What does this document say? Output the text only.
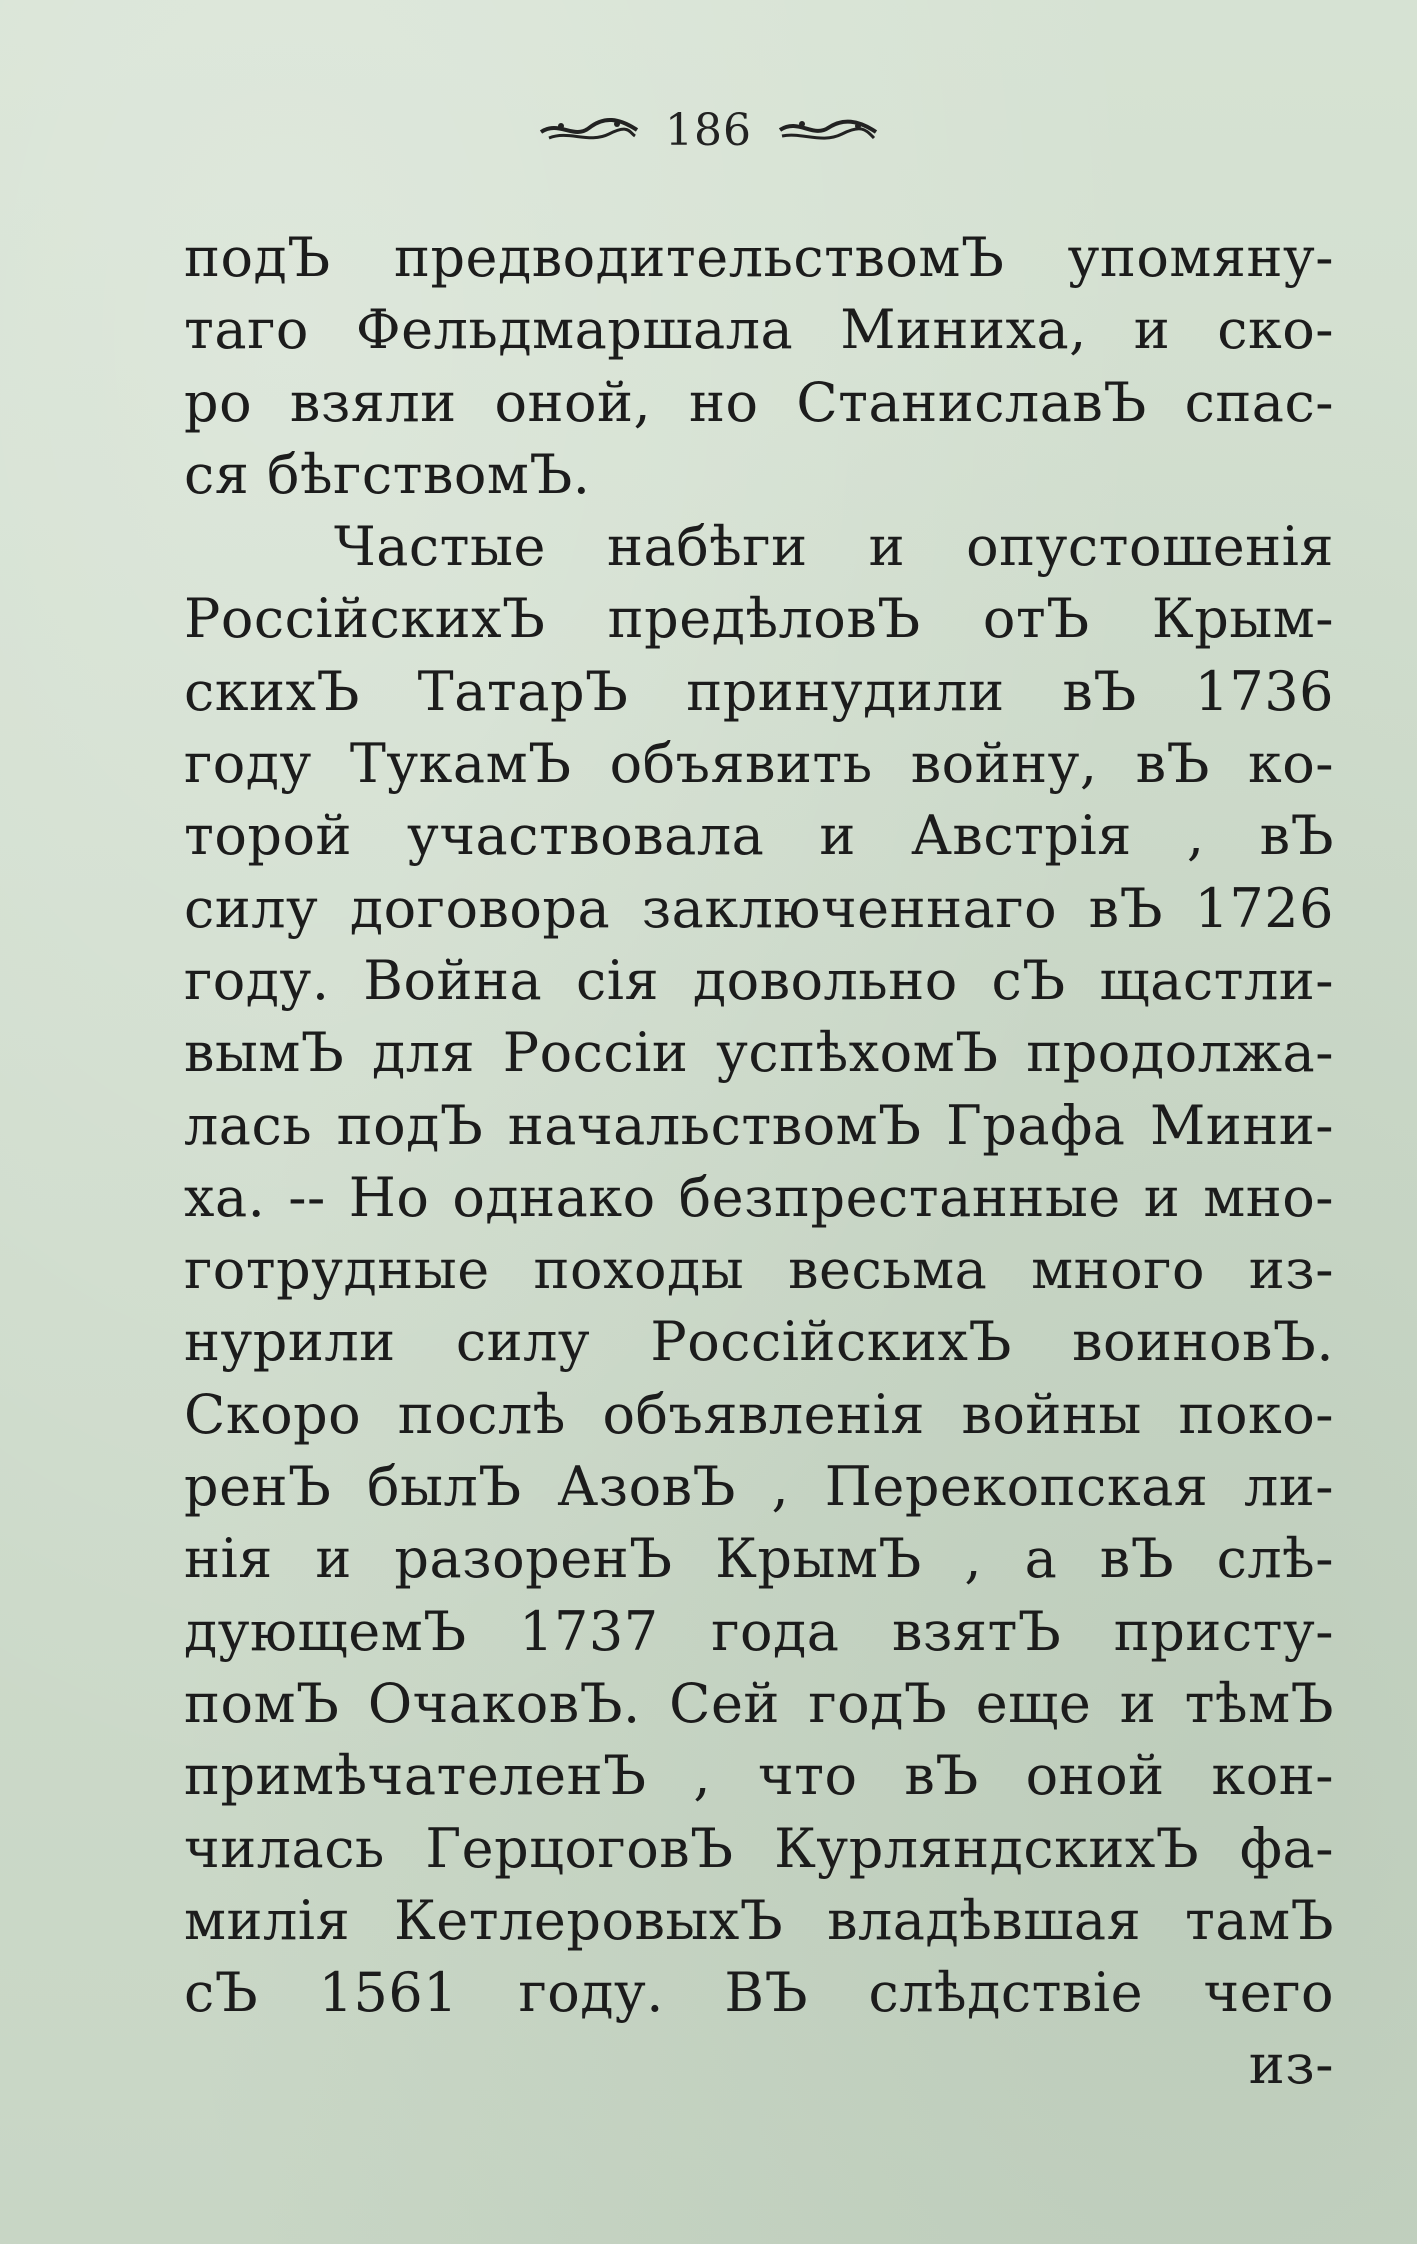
186
подЪ предводительствомЪ упомяну-
таго Фельдмаршала Миниха, и ско-
ро взяли оной, но СтаниславЪ спас-
ся бѣгствомЪ.
Частые набѣги и опустошенія
РоссійскихЪ предѣловЪ отЪ Крым-
скихЪ ТатарЪ принудили вЪ 1736
году ТукамЪ объявить войну, вЪ ко-
торой участвовала и Австрія , вЪ
силу договора заключеннаго вЪ 1726
году. Война сія довольно сЪ щастли-
вымЪ для Россіи успѣхомЪ продолжа-
лась подЪ начальствомЪ Графа Мини-
ха. -- Но однако безпрестанные и мно-
готрудные походы весьма много из-
нурили силу РоссійскихЪ воиновЪ.
Скоро послѣ объявленія войны поко-
ренЪ былЪ АзовЪ , Перекопская ли-
нія и разоренЪ КрымЪ , а вЪ слѣ-
дующемЪ 1737 года взятЪ присту-
помЪ ОчаковЪ. Сей годЪ еще и тѣмЪ
примѣчателенЪ , что вЪ оной кон-
чилась ГерцоговЪ КурляндскихЪ фа-
милія КетлеровыхЪ владѣвшая тамЪ
сЪ 1561 году. ВЪ слѣдствіе чего
из-
